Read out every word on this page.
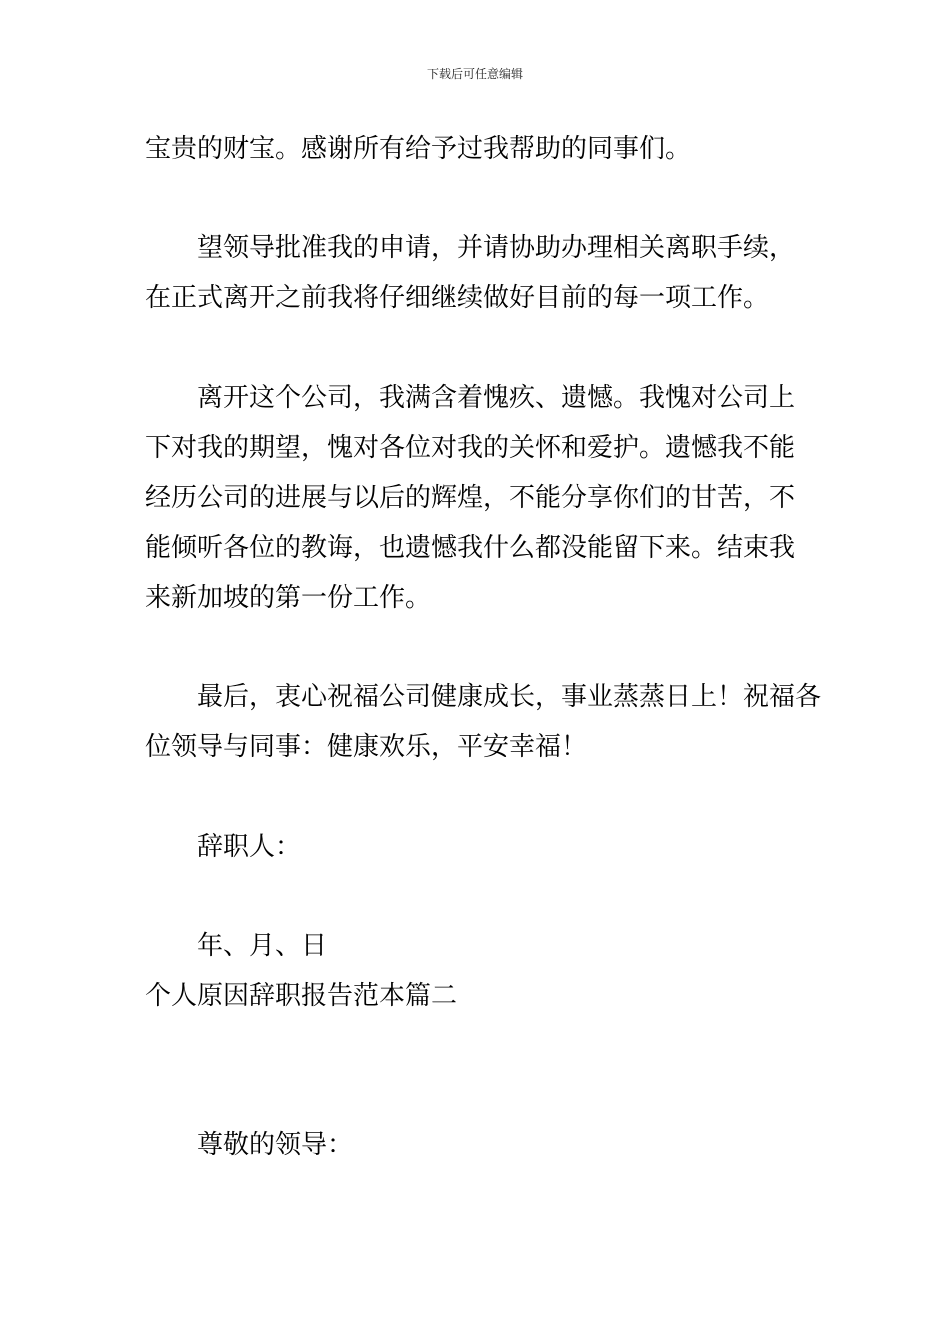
下载后可任意编辑
宝贵的财宝。感谢所有给予过我帮助的同事们。
望领导批准我的申请，并请协助办理相关离职手续，
在正式离开之前我将仔细继续做好目前的每一项工作。
离开这个公司，我满含着愧疚、遗憾。我愧对公司上
下对我的期望，愧对各位对我的关怀和爱护。遗憾我不能
经历公司的进展与以后的辉煌，不能分享你们的甘苦，不
能倾听各位的教诲，也遗憾我什么都没能留下来。结束我
来新加坡的第一份工作。
最后，衷心祝福公司健康成长，事业蒸蒸日上！祝福各
位领导与同事：健康欢乐，平安幸福！
辞职人：
年、月、日
个人原因辞职报告范本篇二
尊敬的领导：
